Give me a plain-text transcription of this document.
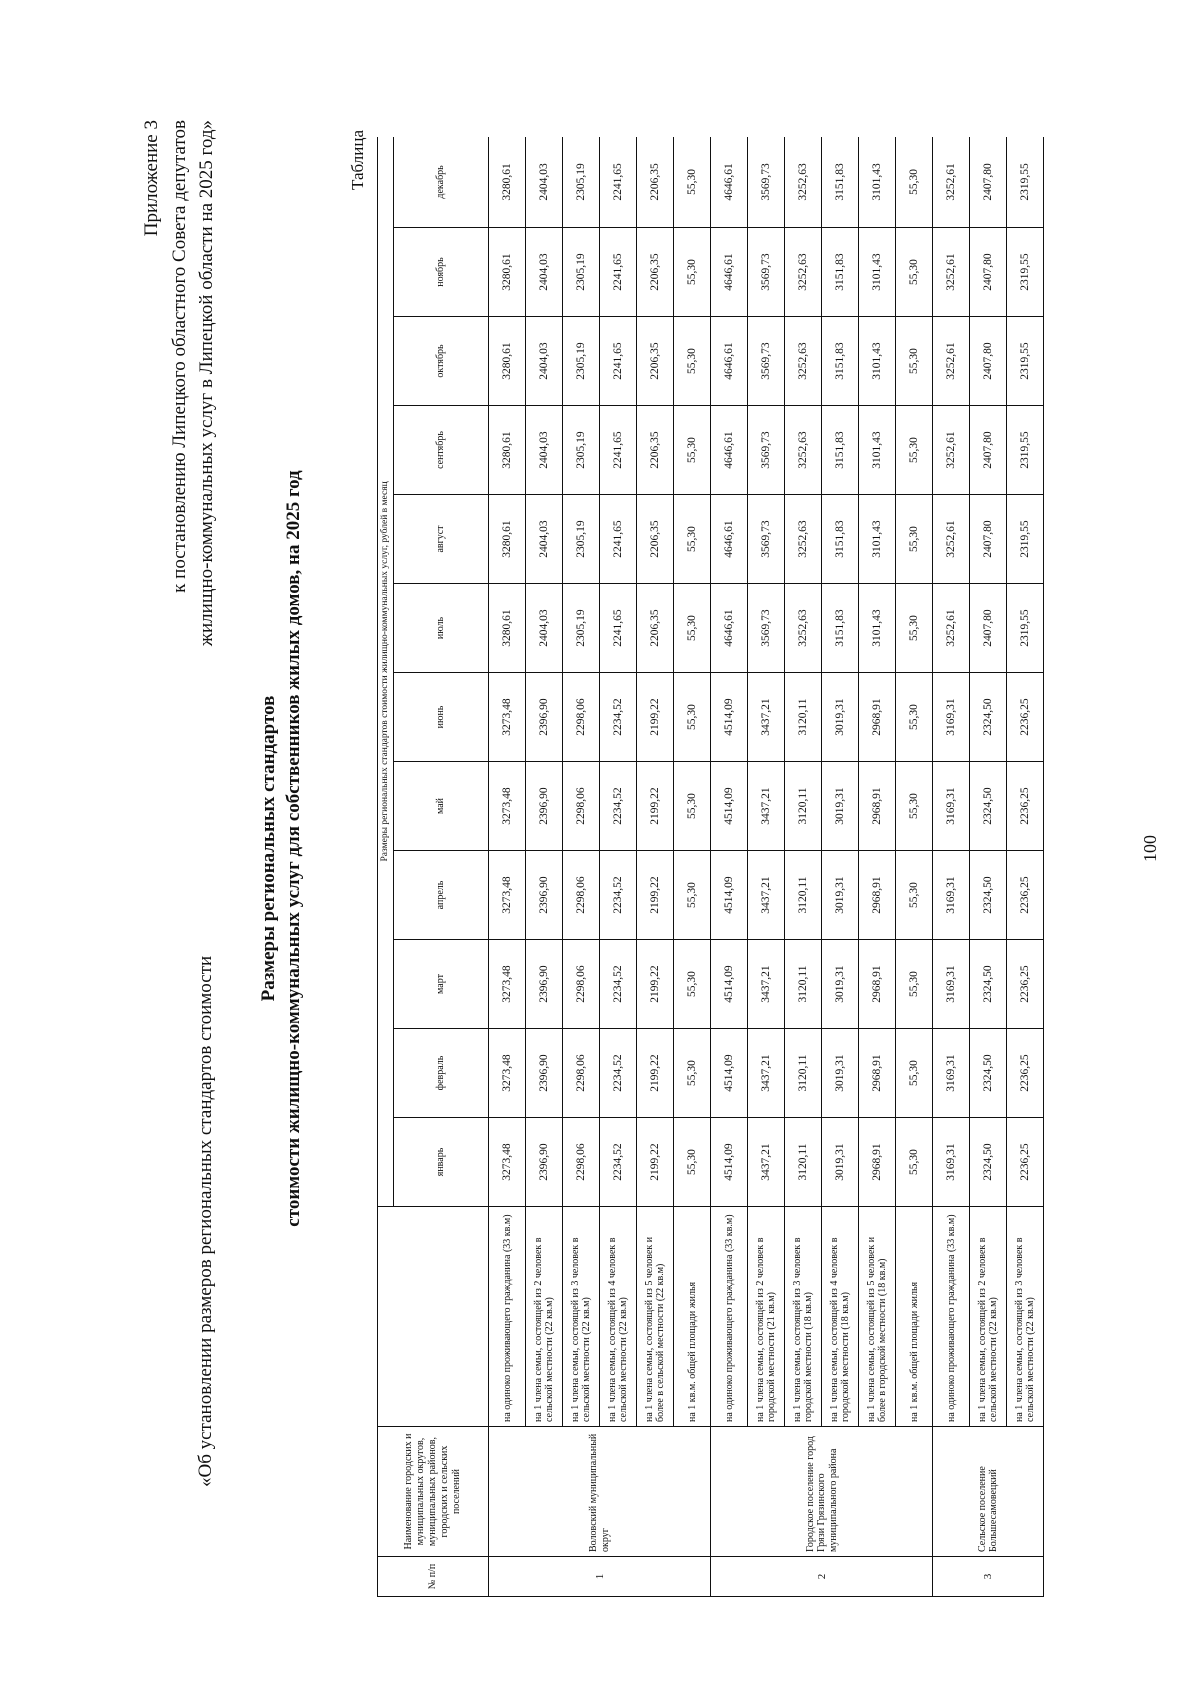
Приложение 3 к постановлению Липецкого областного Совета депутатов
«Об установлении размеров региональных стандартов стоимости
жилищно-коммунальных услуг в Липецкой области на 2025 год»
Размеры региональных стандартов стоимости жилищно-коммунальных услуг для собственников жилых домов, на 2025 год
Таблица
№ п/п	Наименование городских и муниципальных округов, муниципальных районов, городских и сельских поселений		Размеры региональных стандартов стоимости жилищно-коммунальных услуг, рублей в месяц											
			январь	февраль	март	апрель	май	июнь	июль	август	сентябрь	октябрь	ноябрь	декабрь
1	Воловский муниципальный округ	на одиноко проживающего гражданина (33 кв.м)	3273,48	3273,48	3273,48	3273,48	3273,48	3273,48	3280,61	3280,61	3280,61	3280,61	3280,61	3280,61
		на 1 члена семьи, состоящей из 2 человек в сельской местности (22 кв.м)	2396,90	2396,90	2396,90	2396,90	2396,90	2396,90	2404,03	2404,03	2404,03	2404,03	2404,03	2404,03
		на 1 члена семьи, состоящей из 3 человек в сельской местности (22 кв.м)	2298,06	2298,06	2298,06	2298,06	2298,06	2298,06	2305,19	2305,19	2305,19	2305,19	2305,19	2305,19
		на 1 члена семьи, состоящей из 4 человек в сельской местности (22 кв.м)	2234,52	2234,52	2234,52	2234,52	2234,52	2234,52	2241,65	2241,65	2241,65	2241,65	2241,65	2241,65
		на 1 члена семьи, состоящей из 5 человек и более в сельской местности (22 кв.м)	2199,22	2199,22	2199,22	2199,22	2199,22	2199,22	2206,35	2206,35	2206,35	2206,35	2206,35	2206,35
		на 1 кв.м. общей площади жилья	55,30	55,30	55,30	55,30	55,30	55,30	55,30	55,30	55,30	55,30	55,30	55,30
2	Городское поселение город Грязи Грязинского муниципального района	на одиноко проживающего гражданина (33 кв.м)	4514,09	4514,09	4514,09	4514,09	4514,09	4514,09	4646,61	4646,61	4646,61	4646,61	4646,61	4646,61
		на 1 члена семьи, состоящей из 2 человек в городской местности (21 кв.м)	3437,21	3437,21	3437,21	3437,21	3437,21	3437,21	3569,73	3569,73	3569,73	3569,73	3569,73	3569,73
		на 1 члена семьи, состоящей из 3 человек в городской местности (18 кв.м)	3120,11	3120,11	3120,11	3120,11	3120,11	3120,11	3252,63	3252,63	3252,63	3252,63	3252,63	3252,63
		на 1 члена семьи, состоящей из 4 человек в городской местности (18 кв.м)	3019,31	3019,31	3019,31	3019,31	3019,31	3019,31	3151,83	3151,83	3151,83	3151,83	3151,83	3151,83
		на 1 члена семьи, состоящей из 5 человек и более в городской местности (18 кв.м)	2968,91	2968,91	2968,91	2968,91	2968,91	2968,91	3101,43	3101,43	3101,43	3101,43	3101,43	3101,43
		на 1 кв.м. общей площади жилья	55,30	55,30	55,30	55,30	55,30	55,30	55,30	55,30	55,30	55,30	55,30	55,30
3	Сельское поселение Большесамовецкий	на одиноко проживающего гражданина (33 кв.м)	3169,31	3169,31	3169,31	3169,31	3169,31	3169,31	3252,61	3252,61	3252,61	3252,61	3252,61	3252,61
		на 1 члена семьи, состоящей из 2 человек в сельской местности (22 кв.м)	2324,50	2324,50	2324,50	2324,50	2324,50	2324,50	2407,80	2407,80	2407,80	2407,80	2407,80	2407,80
		на 1 члена семьи, состоящей из 3 человек в сельской местности (22 кв.м)	2236,25	2236,25	2236,25	2236,25	2236,25	2236,25	2319,55	2319,55	2319,55	2319,55	2319,55	2319,55
100
